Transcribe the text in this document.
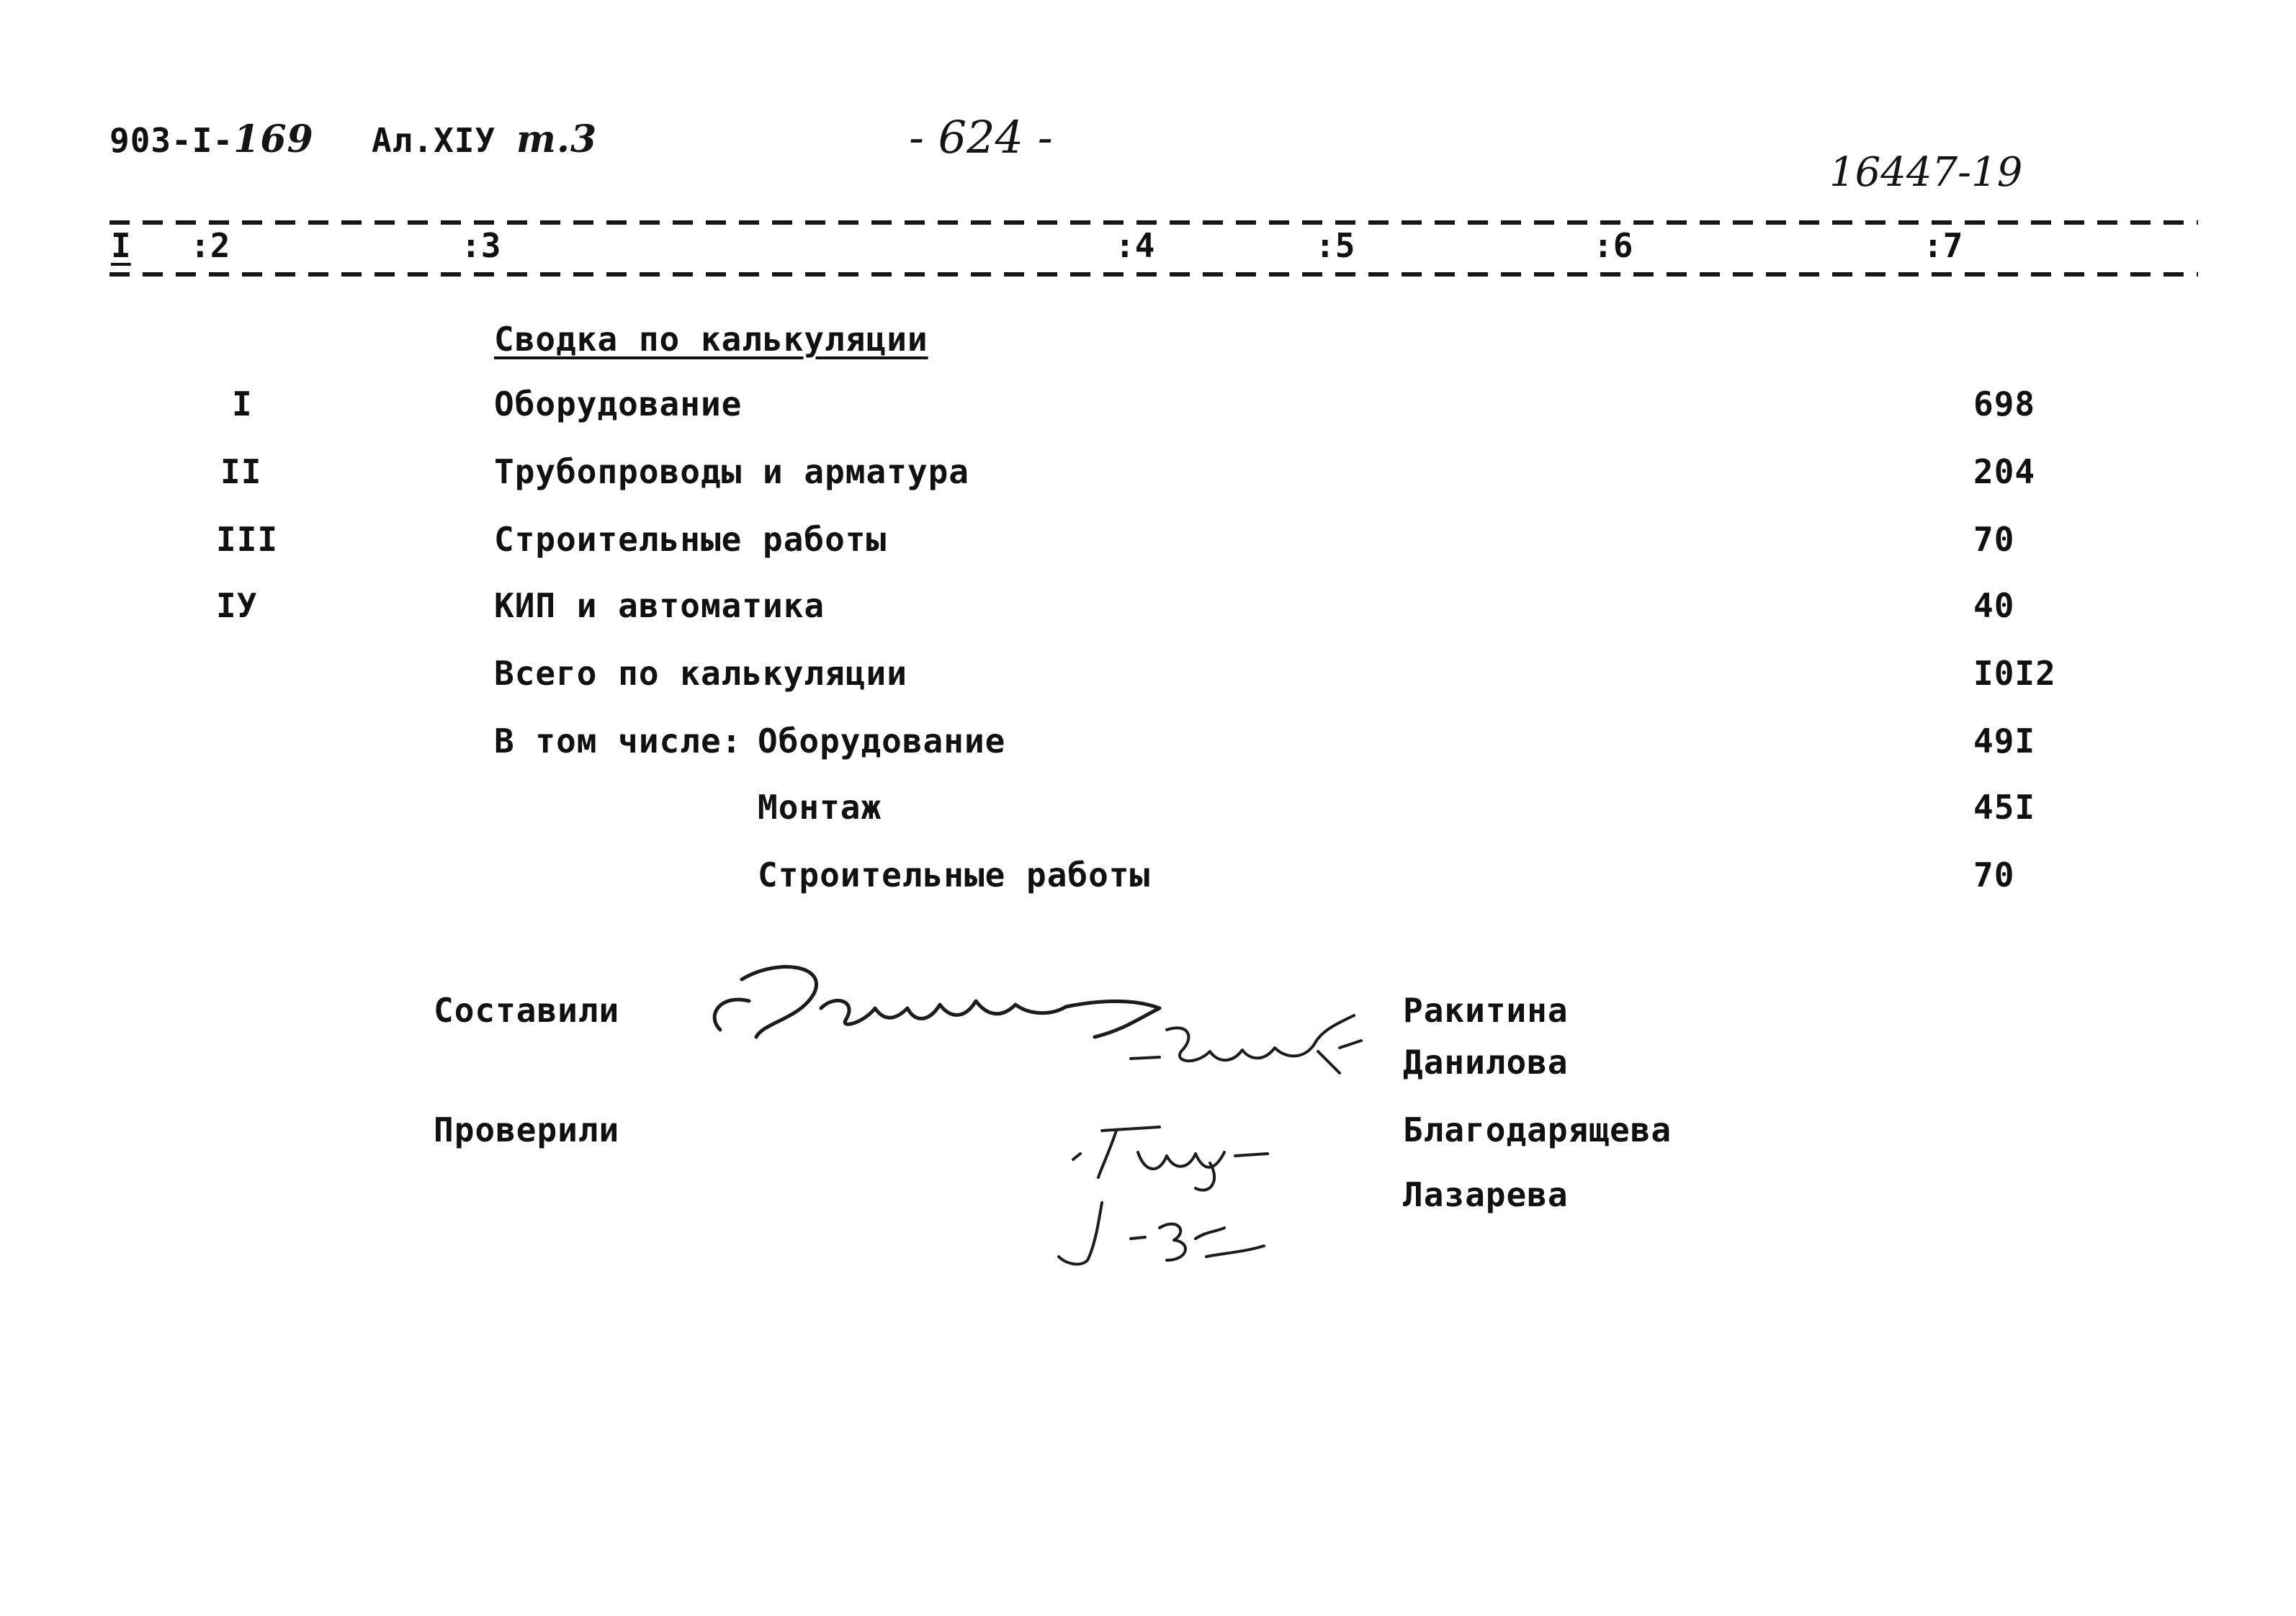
903-I-169 Ал.XIУ т.3	- 624 -
16447-19
I :2	:3	:4	:5	:6	:7
Сводка по калькуляции
I	Оборудование	698
II	Трубопроводы и арматура	204
III	Строительные работы	70
IУ	КИП и автоматика	40
Всего по калькуляции	I0I2
В том числе: Оборудование	49I
Монтаж	45I
Строительные работы	70
Составили
Проверили
Ракитина
Данилова
Благодарящева
Лазарева
